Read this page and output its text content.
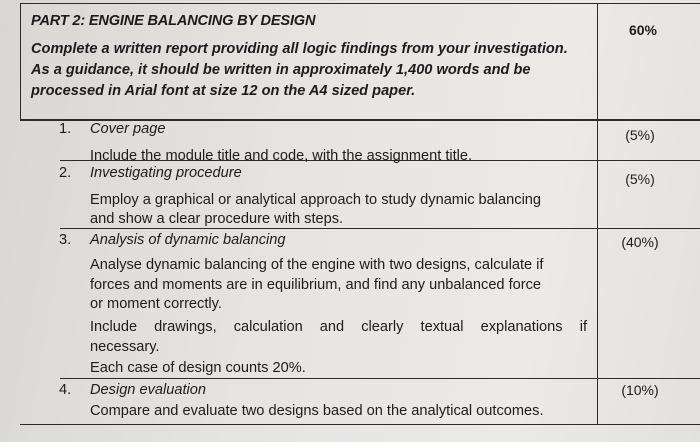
PART 2: ENGINE BALANCING BY DESIGN
Complete a written report providing all logic findings from your investigation.
As a guidance, it should be written in approximately 1,400 words and be
processed in Arial font at size 12 on the A4 sized paper.
60%
1. Cover page
Include the module title and code, with the assignment title.
(5%)
2. Investigating procedure
Employ a graphical or analytical approach to study dynamic balancing
and show a clear procedure with steps.
(5%)
3. Analysis of dynamic balancing
Analyse dynamic balancing of the engine with two designs, calculate if
forces and moments are in equilibrium, and find any unbalanced force
or moment correctly.
Include drawings, calculation and clearly textual explanations if
necessary.
Each case of design counts 20%.
(40%)
4. Design evaluation
Compare and evaluate two designs based on the analytical outcomes.
(10%)
